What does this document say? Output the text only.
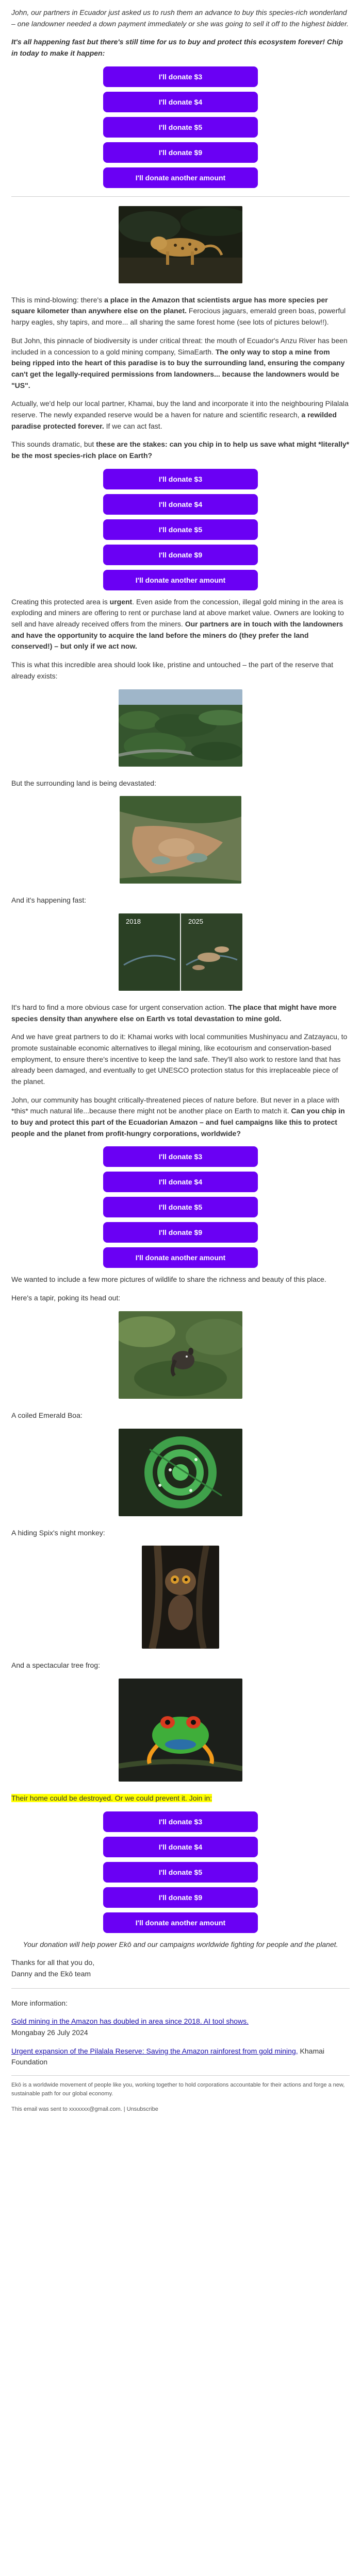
John, our partners in Ecuador just asked us to rush them an advance to buy this species-rich wonderland – one landowner needed a down payment immediately or she was going to sell it off to the highest bidder.

It's all happening fast but there's still time for us to buy and protect this ecosystem forever! Chip in today to make it happen:

I'll donate $3
I'll donate $4
I'll donate $5
I'll donate $9
I'll donate another amount

This is mind-blowing: there's a place in the Amazon that scientists argue has more species per square kilometer than anywhere else on the planet. Ferocious jaguars, emerald green boas, powerful harpy eagles, shy tapirs, and more... all sharing the same forest home (see lots of pictures below!!).

But John, this pinnacle of biodiversity is under critical threat: the mouth of Ecuador's Anzu River has been included in a concession to a gold mining company, SimaEarth. The only way to stop a mine from being ripped into the heart of this paradise is to buy the surrounding land, ensuring the company can't get the legally-required permissions from landowners... because the landowners would be "US".

Actually, we'd help our local partner, Khamai, buy the land and incorporate it into the neighbouring Pilalala reserve. The newly expanded reserve would be a haven for nature and scientific research, a rewilded paradise protected forever. If we can act fast.

This sounds dramatic, but these are the stakes: can you chip in to help us save what might *literally* be the most species-rich place on Earth?

I'll donate $3
I'll donate $4
I'll donate $5
I'll donate $9
I'll donate another amount

Creating this protected area is urgent. Even aside from the concession, illegal gold mining in the area is exploding and miners are offering to rent or purchase land at above market value. Owners are looking to sell and have already received offers from the miners. Our partners are in touch with the landowners and have the opportunity to acquire the land before the miners do (they prefer the land conserved!) – but only if we act now.

This is what this incredible area should look like, pristine and untouched – the part of the reserve that already exists:

But the surrounding land is being devastated:

And it's happening fast:

2018	2025

It's hard to find a more obvious case for urgent conservation action. The place that might have more species density than anywhere else on Earth vs total devastation to mine gold.

And we have great partners to do it: Khamai works with local communities Mushinyacu and Zatzayacu, to promote sustainable economic alternatives to illegal mining, like ecotourism and conservation-based employment, to ensure there's incentive to keep the land safe. They'll also work to restore land that has already been damaged, and eventually to get UNESCO protection status for this irreplaceable piece of the planet.

John, our community has bought critically-threatened pieces of nature before. But never in a place with *this* much natural life...because there might not be another place on Earth to match it. Can you chip in to buy and protect this part of the Ecuadorian Amazon – and fuel campaigns like this to protect people and the planet from profit-hungry corporations, worldwide?

I'll donate $3
I'll donate $4
I'll donate $5
I'll donate $9
I'll donate another amount

We wanted to include a few more pictures of wildlife to share the richness and beauty of this place.

Here's a tapir, poking its head out:

A coiled Emerald Boa:

A hiding Spix's night monkey:

And a spectacular tree frog:

Their home could be destroyed. Or we could prevent it. Join in:

I'll donate $3
I'll donate $4
I'll donate $5
I'll donate $9
I'll donate another amount

Your donation will help power Ekō and our campaigns worldwide fighting for people and the planet.

Thanks for all that you do,
Danny and the Ekō team

More information:

Gold mining in the Amazon has doubled in area since 2018. AI tool shows.
Mongabay 26 July 2024

Urgent expansion of the Pilalala Reserve: Saving the Amazon rainforest from gold mining, Khamai Foundation

Ekō is a worldwide movement of people like you, working together to hold corporations accountable for their actions and forge a new, sustainable path for our global economy.

This email was sent to xxxxxxx@gmail.com. | Unsubscribe
